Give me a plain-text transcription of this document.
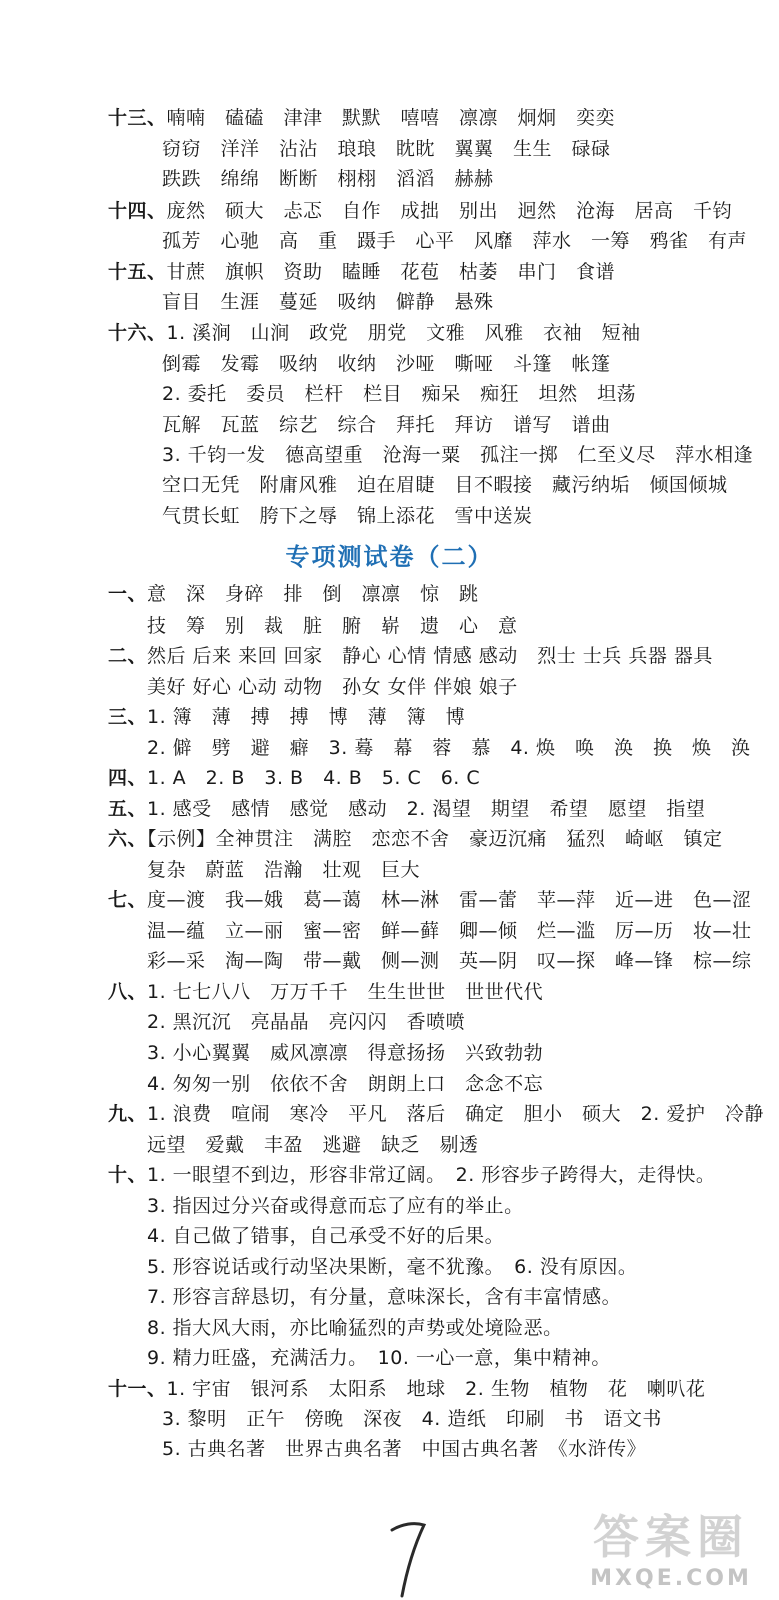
专项测试卷（二）
十三、喃喃　磕磕　津津　默默　嘻嘻　凛凛　炯炯　奕奕
窃窃　洋洋　沾沾　琅琅　眈眈　翼翼　生生　碌碌
跌跌　绵绵　断断　栩栩　滔滔　赫赫
十四、庞然　硕大　忐忑　自作　成拙　别出　迥然　沧海　居高　千钧
孤芳　心驰　高　重　蹑手　心平　风靡　萍水　一筹　鸦雀　有声
十五、甘蔗　旗帜　资助　瞌睡　花苞　枯萎　串门　食谱
盲目　生涯　蔓延　吸纳　僻静　悬殊
十六、1. 溪涧　山涧　政党　朋党　文雅　风雅　衣袖　短袖
倒霉　发霉　吸纳　收纳　沙哑　嘶哑　斗篷　帐篷
2. 委托　委员　栏杆　栏目　痴呆　痴狂　坦然　坦荡
瓦解　瓦蓝　综艺　综合　拜托　拜访　谱写　谱曲
3. 千钧一发　德高望重　沧海一粟　孤注一掷　仁至义尽　萍水相逢
空口无凭　附庸风雅　迫在眉睫　目不暇接　藏污纳垢　倾国倾城
气贯长虹　胯下之辱　锦上添花　雪中送炭
一、意　深　身碎　排　倒　凛凛　惊　跳
技　筹　别　裁　脏　腑　崭　遗　心　意
二、然后 后来 来回 回家　静心 心情 情感 感动　烈士 士兵 兵器 器具
美好 好心 心动 动物　孙女 女伴 伴娘 娘子
三、1. 簿　薄　搏　搏　博　薄　簿　博
2. 僻　劈　避　癖　3. 蓦　幕　蓉　慕　4. 焕　唤　涣　换　焕　涣
四、1. A　2. B　3. B　4. B　5. C　6. C
五、1. 感受　感情　感觉　感动　2. 渴望　期望　希望　愿望　指望
六、【示例】全神贯注　满腔　恋恋不舍　豪迈沉痛　猛烈　崎岖　镇定
复杂　蔚蓝　浩瀚　壮观　巨大
七、度—渡　我—娥　葛—蔼　林—淋　雷—蕾　苹—萍　近—进　色—涩
温—蕴　立—丽　蜜—密　鲜—藓　卿—倾　烂—滥　厉—历　妆—壮
彩—采　淘—陶　带—戴　侧—测　英—阴　叹—探　峰—锋　棕—综
八、1. 七七八八　万万千千　生生世世　世世代代
2. 黑沉沉　亮晶晶　亮闪闪　香喷喷
3. 小心翼翼　威风凛凛　得意扬扬　兴致勃勃
4. 匆匆一别　依依不舍　朗朗上口　念念不忘
九、1. 浪费　喧闹　寒冷　平凡　落后　确定　胆小　硕大　2. 爱护　冷静
远望　爱戴　丰盈　逃避　缺乏　剔透
十、1. 一眼望不到边，形容非常辽阔。　2. 形容步子跨得大，走得快。
3. 指因过分兴奋或得意而忘了应有的举止。
4. 自己做了错事，自己承受不好的后果。
5. 形容说话或行动坚决果断，毫不犹豫。　6. 没有原因。
7. 形容言辞恳切，有分量，意味深长，含有丰富情感。
8. 指大风大雨，亦比喻猛烈的声势或处境险恶。
9. 精力旺盛，充满活力。　10. 一心一意，集中精神。
十一、1. 宇宙　银河系　太阳系　地球　2. 生物　植物　花　喇叭花
3. 黎明　正午　傍晚　深夜　4. 造纸　印刷　书　语文书
5. 古典名著　世界古典名著　中国古典名著　《水浒传》
7	答案圈
MXQE.COM
